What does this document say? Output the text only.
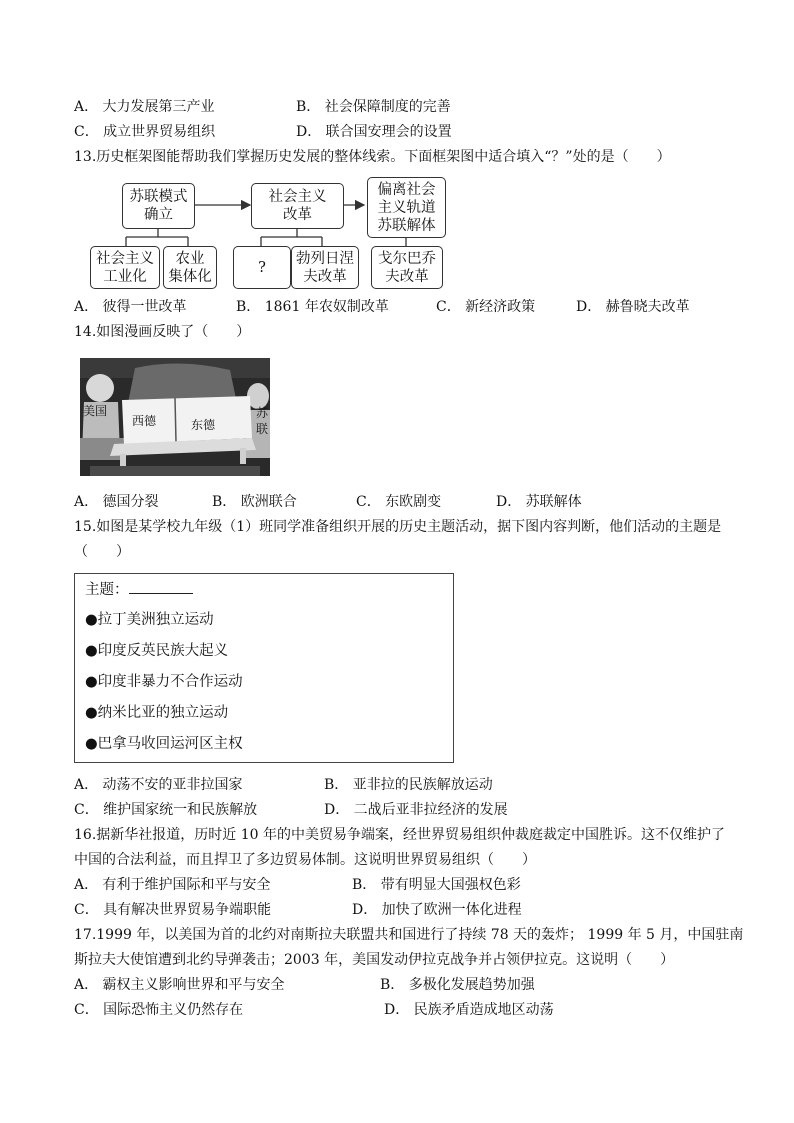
A． 大力发展第三产业	B． 社会保障制度的完善
C． 成立世界贸易组织	D． 联合国安理会的设置
13.历史框架图能帮助我们掌握历史发展的整体线索。下面框架图中适合填入“？”处的是（　　）
苏联模式
确立
社会主义
改革
偏离社会
主义轨道
苏联解体
社会主义
工业化
农业
集体化
?
勃列日涅
夫改革
戈尔巴乔
夫改革
A． 彼得一世改革	B． 1861 年农奴制改革	C． 新经济政策	D． 赫鲁晓夫改革
14.如图漫画反映了（　　）
美国
西德	东德
苏
联
A． 德国分裂	B． 欧洲联合	C． 东欧剧变	D． 苏联解体
15.如图是某学校九年级（1）班同学准备组织开展的历史主题活动，据下图内容判断，他们活动的主题是
（　　）
主题：
●拉丁美洲独立运动
●印度反英民族大起义
●印度非暴力不合作运动
●纳米比亚的独立运动
●巴拿马收回运河区主权
A． 动荡不安的亚非拉国家	B． 亚非拉的民族解放运动
C． 维护国家统一和民族解放	D． 二战后亚非拉经济的发展
16.据新华社报道，历时近 10 年的中美贸易争端案，经世界贸易组织仲裁庭裁定中国胜诉。这不仅维护了
中国的合法利益，而且捍卫了多边贸易体制。这说明世界贸易组织（　　）
A． 有利于维护国际和平与安全	B． 带有明显大国强权色彩
C． 具有解决世界贸易争端职能	D． 加快了欧洲一体化进程
17.1999 年，以美国为首的北约对南斯拉夫联盟共和国进行了持续 78 天的轰炸； 1999 年 5 月，中国驻南
斯拉夫大使馆遭到北约导弹袭击；2003 年，美国发动伊拉克战争并占领伊拉克。这说明（　　）
A． 霸权主义影响世界和平与安全	B． 多极化发展趋势加强
C． 国际恐怖主义仍然存在	D． 民族矛盾造成地区动荡
